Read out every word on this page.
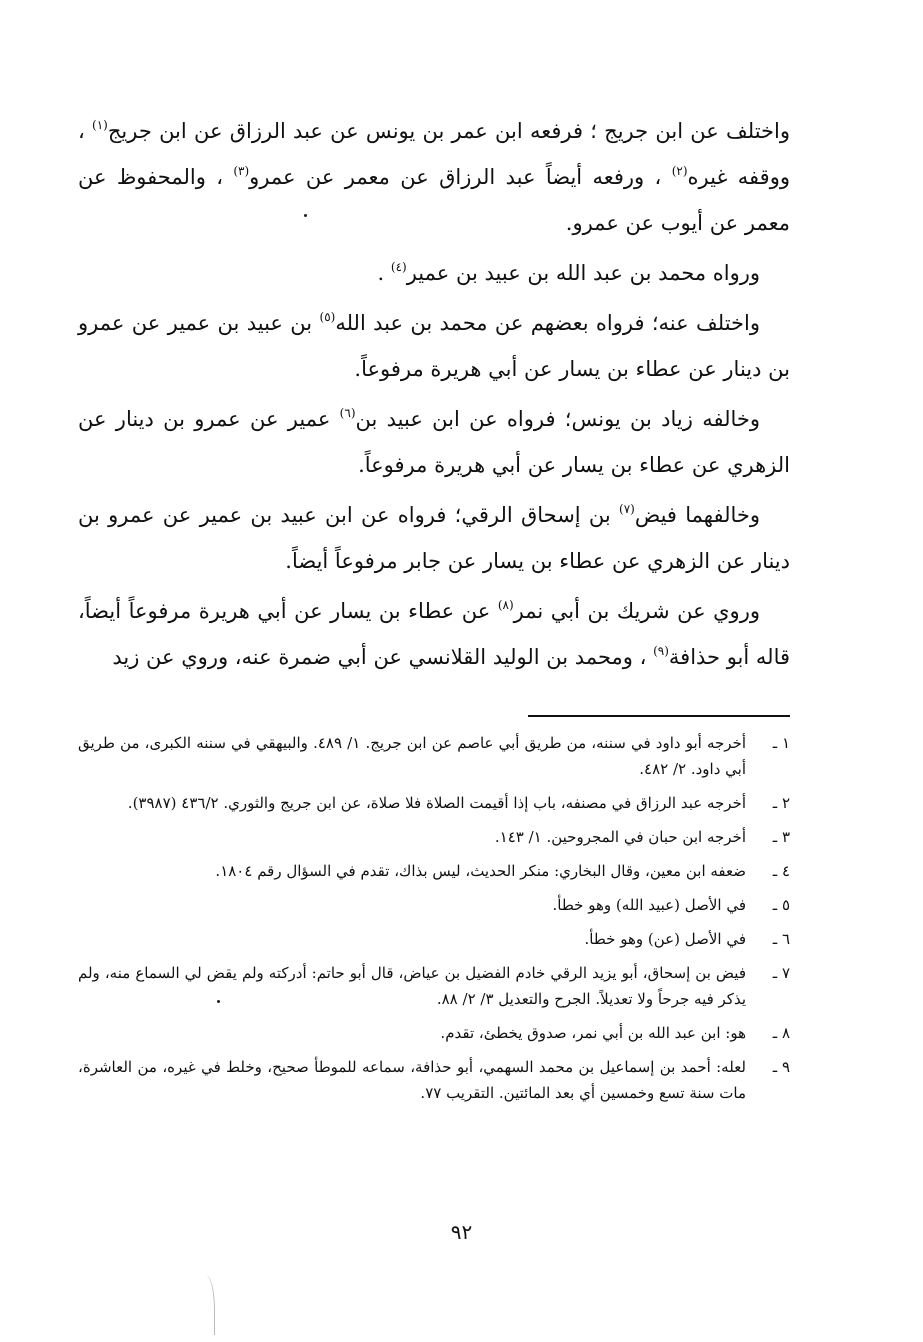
واختلف عن ابن جريج ؛ فرفعه ابن عمر بن يونس عن عبد الرزاق عن ابن جريج$^{(١)}$ ، ووقفه غيره$^{(٢)}$ ، ورفعه أيضاً عبد الرزاق عن معمر عن عمرو$^{(٣)}$ ، والمحفوظ عن معمر عن أيوب عن عمرو.

ورواه محمد بن عبد الله بن عبيد بن عمير$^{(٤)}$ .

واختلف عنه؛ فرواه بعضهم عن محمد بن عبد الله$^{(٥)}$ بن عبيد بن عمير عن عمرو بن دينار عن عطاء بن يسار عن أبي هريرة مرفوعاً.

وخالفه زياد بن يونس؛ فرواه عن ابن عبيد بن$^{(٦)}$ عمير عن عمرو بن دينار عن الزهري عن عطاء بن يسار عن أبي هريرة مرفوعاً.

وخالفهما فيض$^{(٧)}$ بن إسحاق الرقي؛ فرواه عن ابن عبيد بن عمير عن عمرو بن دينار عن الزهري عن عطاء بن يسار عن جابر مرفوعاً أيضاً.

وروي عن شريك بن أبي نمر$^{(٨)}$ عن عطاء بن يسار عن أبي هريرة مرفوعاً أيضاً، قاله أبو حذافة$^{(٩)}$ ، ومحمد بن الوليد القلانسي عن أبي ضمرة عنه، وروي عن زيد

١ ـ
أخرجه أبو داود في سننه، من طريق أبي عاصم عن ابن جريج. ١/ ٤٨٩. والبيهقي في سننه الكبرى، من طريق أبي داود. ٢/ ٤٨٢.
٢ ـ
أخرجه عبد الرزاق في مصنفه، باب إذا أقيمت الصلاة فلا صلاة، عن ابن جريج والثوري. ٤٣٦/٢ (٣٩٨٧).
٣ ـ
أخرجه ابن حبان في المجروحين. ١/ ١٤٣.
٤ ـ
ضعفه ابن معين، وقال البخاري: منكر الحديث، ليس بذاك، تقدم في السؤال رقم ١٨٠٤.
٥ ـ
في الأصل (عبيد الله) وهو خطأ.
٦ ـ
في الأصل (عن) وهو خطأ.
٧ ـ
فيض بن إسحاق، أبو يزيد الرقي خادم الفضيل بن عياض، قال أبو حاتم: أدركته ولم يقض لي السماع منه، ولم يذكر فيه جرحاً ولا تعديلاً. الجرح والتعديل ٣/ ٢/ ٨٨.
٨ ـ
هو: ابن عبد الله بن أبي نمر، صدوق يخطئ، تقدم.
٩ ـ
لعله: أحمد بن إسماعيل بن محمد السهمي، أبو حذافة، سماعه للموطأ صحيح، وخلط في غيره، من العاشرة، مات سنة تسع وخمسين أي بعد المائتين. التقريب ٧٧.
٩٢
